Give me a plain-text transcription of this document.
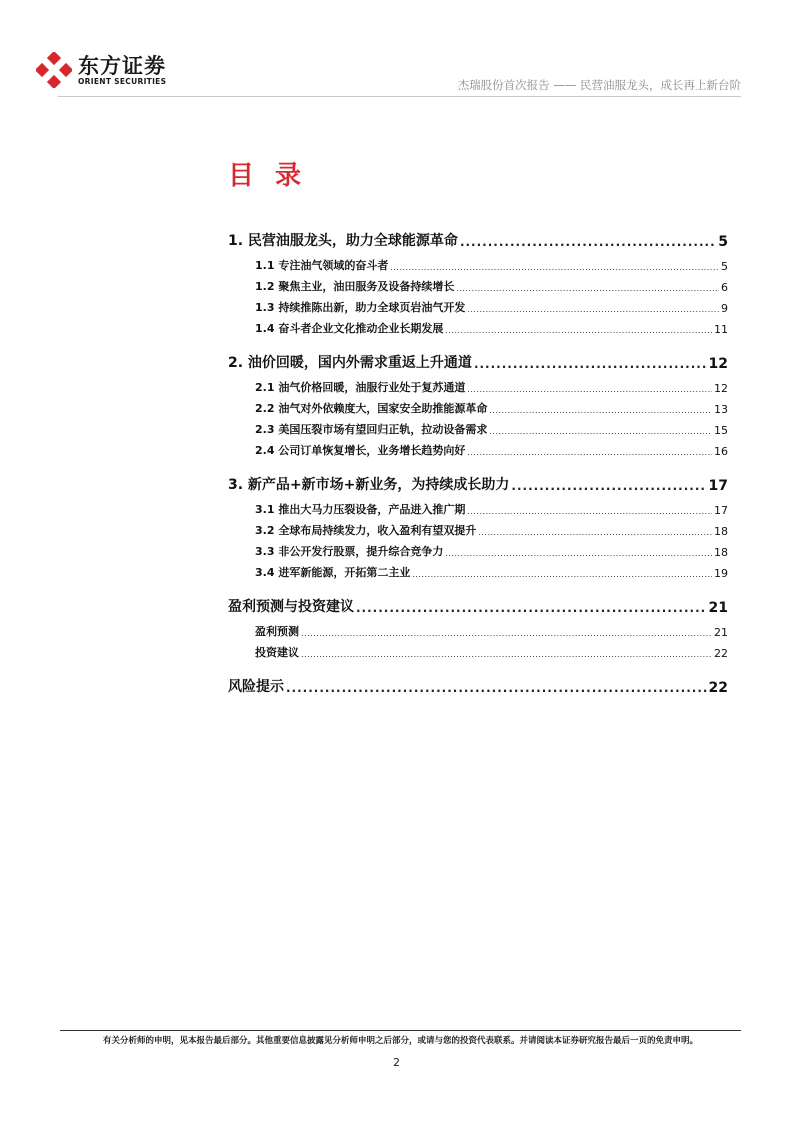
东方证劵
ORIENT SECURITIES	杰瑞股份首次报告 —— 民营油服龙头，成长再上新台阶
目 录
1. 民营油服龙头，助力全球能源革命 .....	5
1.1 专注油气领域的奋斗者 .....	5
1.2 聚焦主业，油田服务及设备持续增长 .....	6
1.3 持续推陈出新，助力全球页岩油气开发 .....	9
1.4 奋斗者企业文化推动企业长期发展 .....	11
2. 油价回暖，国内外需求重返上升通道 .....	12
2.1 油气价格回暖，油服行业处于复苏通道 .....	12
2.2 油气对外依赖度大，国家安全助推能源革命 .....	13
2.3 美国压裂市场有望回归正轨，拉动设备需求 .....	15
2.4 公司订单恢复增长，业务增长趋势向好 .....	16
3. 新产品+新市场+新业务，为持续成长助力 .....	17
3.1 推出大马力压裂设备，产品进入推广期 .....	17
3.2 全球布局持续发力，收入盈利有望双提升 .....	18
3.3 非公开发行股票，提升综合竞争力 .....	18
3.4 进军新能源，开拓第二主业 .....	19
盈利预测与投资建议 .....	21
盈利预测 .....	21
投资建议 .....	22
风险提示 .....	22
有关分析师的申明，见本报告最后部分。其他重要信息披露见分析师申明之后部分，或请与您的投资代表联系。并请阅读本证券研究报告最后一页的免责申明。
2
